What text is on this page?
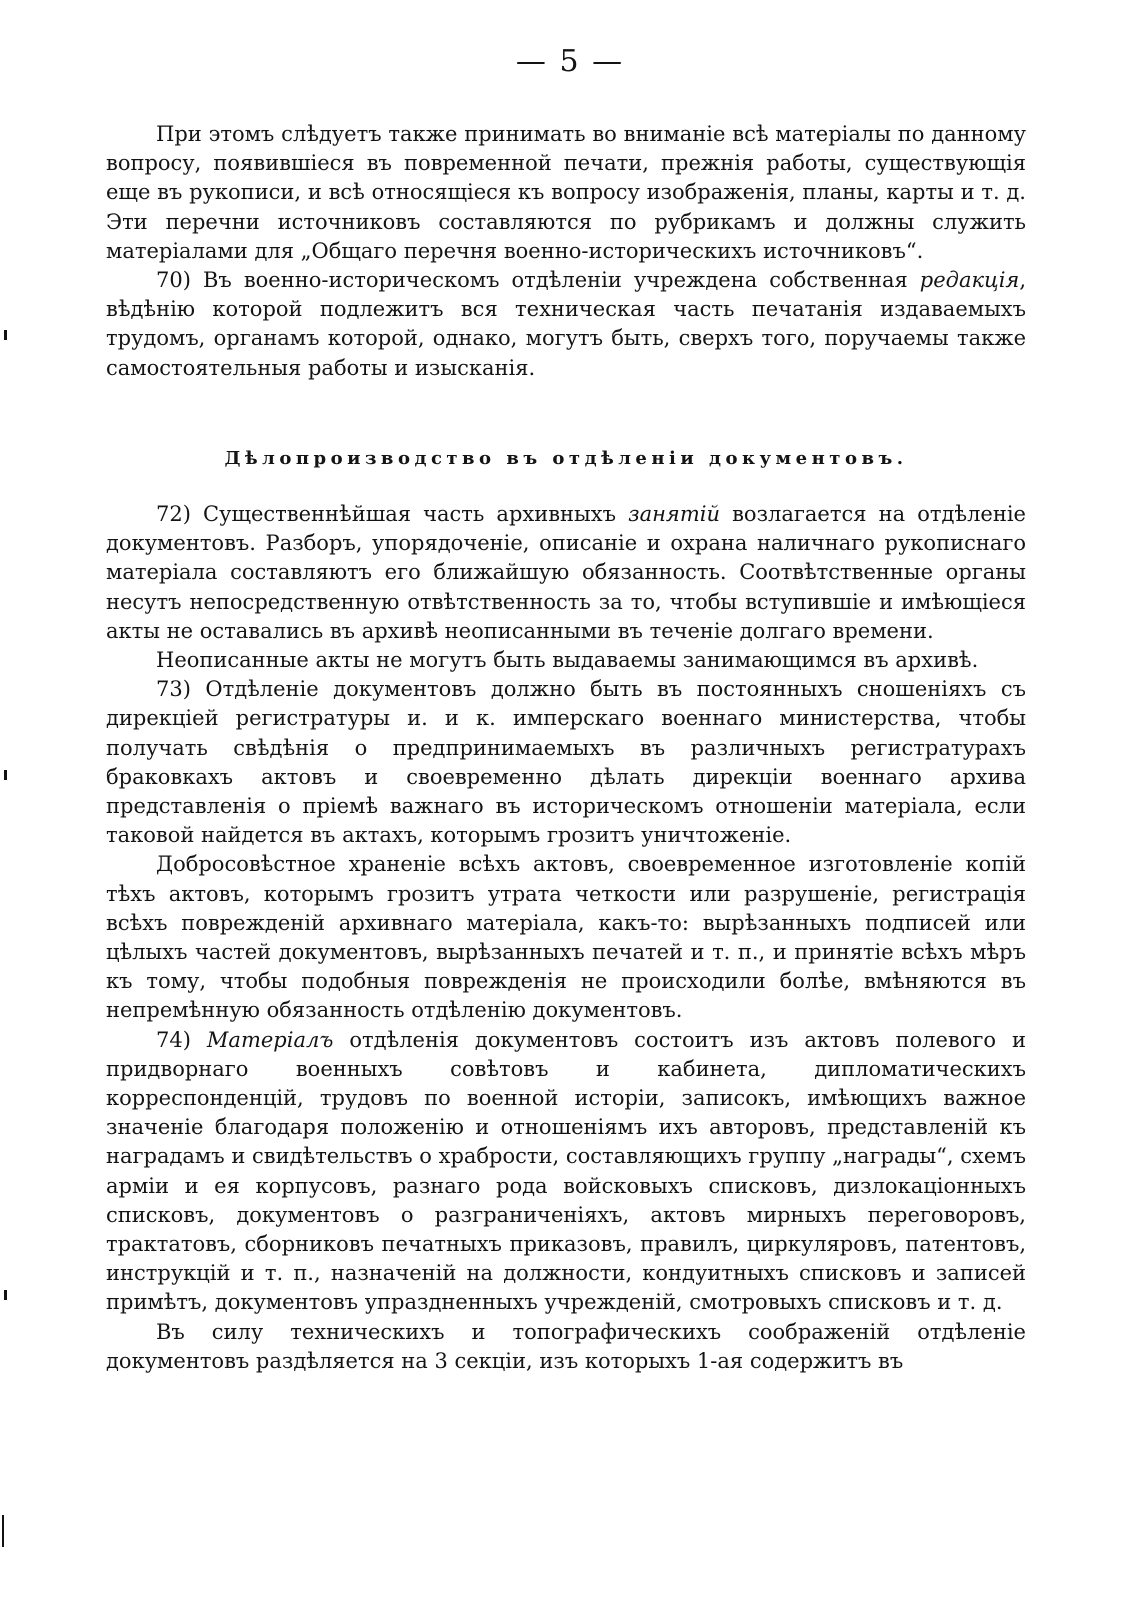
— 5 —

При этомъ слѣдуетъ также принимать во вниманіе всѣ матеріалы по данному вопросу, появившіеся въ повременной печати, прежнія работы, существующія еще въ рукописи, и всѣ относящіеся къ вопросу изображенія, планы, карты и т. д. Эти перечни источниковъ составляются по рубрикамъ и должны служить матеріалами для „Общаго перечня военно-историческихъ источниковъ“.

70) Въ военно-историческомъ отдѣленіи учреждена собственная редакція, вѣдѣнію которой подлежитъ вся техническая часть печатанія издаваемыхъ трудомъ, органамъ которой, однако, могутъ быть, сверхъ того, поручаемы также самостоятельныя работы и изысканія.

Дѣлопроизводство въ отдѣленіи документовъ.

72) Существеннѣйшая часть архивныхъ занятій возлагается на отдѣленіе документовъ. Разборъ, упорядоченіе, описаніе и охрана наличнаго рукописнаго матеріала составляютъ его ближайшую обязанность. Соотвѣтственные органы несутъ непосредственную отвѣтственность за то, чтобы вступившіе и имѣющіеся акты не оставались въ архивѣ неописанными въ теченіе долгаго времени.

Неописанные акты не могутъ быть выдаваемы занимающимся въ архивѣ.

73) Отдѣленіе документовъ должно быть въ постоянныхъ сношеніяхъ съ дирекціей регистратуры и. и к. имперскаго военнаго министерства, чтобы получать свѣдѣнія о предпринимаемыхъ въ различныхъ регистратурахъ браковкахъ актовъ и своевременно дѣлать дирекціи военнаго архива представленія о пріемѣ важнаго въ историческомъ отношеніи матеріала, если таковой найдется въ актахъ, которымъ грозитъ уничтоженіе.

Добросовѣстное храненіе всѣхъ актовъ, своевременное изготовленіе копій тѣхъ актовъ, которымъ грозитъ утрата четкости или разрушеніе, регистрація всѣхъ поврежденій архивнаго матеріала, какъ-то: вырѣзанныхъ подписей или цѣлыхъ частей документовъ, вырѣзанныхъ печатей и т. п., и принятіе всѣхъ мѣръ къ тому, чтобы подобныя поврежденія не происходили болѣе, вмѣняются въ непремѣнную обязанность отдѣленію документовъ.

74) Матеріалъ отдѣленія документовъ состоитъ изъ актовъ полевого и придворнаго военныхъ совѣтовъ и кабинета, дипломатическихъ корреспонденцій, трудовъ по военной исторіи, записокъ, имѣющихъ важное значеніе благодаря положенію и отношеніямъ ихъ авторовъ, представленій къ наградамъ и свидѣтельствъ о храбрости, составляющихъ группу „награды“, схемъ арміи и ея корпусовъ, разнаго рода войсковыхъ списковъ, дизлокаціонныхъ списковъ, документовъ о разграниченіяхъ, актовъ мирныхъ переговоровъ, трактатовъ, сборниковъ печатныхъ приказовъ, правилъ, циркуляровъ, патентовъ, инструкцій и т. п., назначеній на должности, кондуитныхъ списковъ и записей примѣтъ, документовъ упраздненныхъ учрежденій, смотровыхъ списковъ и т. д.

Въ силу техническихъ и топографическихъ соображеній отдѣленіе документовъ раздѣляется на 3 секціи, изъ которыхъ 1-ая содержитъ въ
